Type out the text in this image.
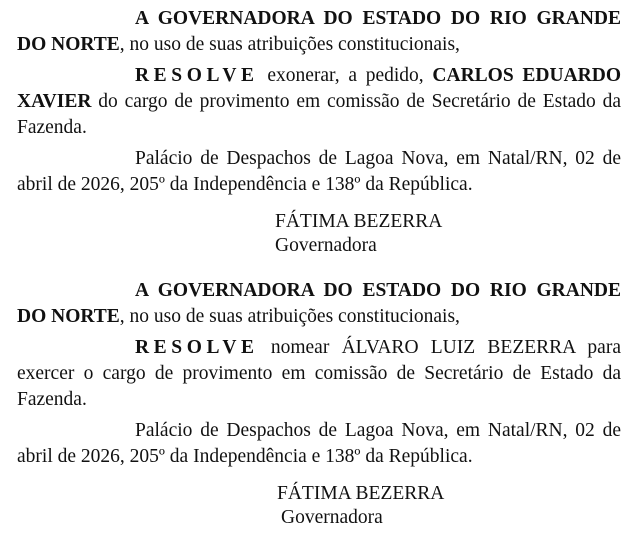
A GOVERNADORA DO ESTADO DO RIO GRANDE DO NORTE, no uso de suas atribuições constitucionais,

RESOLVE exonerar, a pedido, CARLOS EDUARDO XAVIER do cargo de provimento em comissão de Secretário de Estado da Fazenda.

Palácio de Despachos de Lagoa Nova, em Natal/RN, 02 de abril de 2026, 205º da Independência e 138º da República.

FÁTIMA BEZERRA
Governadora

A GOVERNADORA DO ESTADO DO RIO GRANDE DO NORTE, no uso de suas atribuições constitucionais,

RESOLVE nomear ÁLVARO LUIZ BEZERRA para exercer o cargo de provimento em comissão de Secretário de Estado da Fazenda.

Palácio de Despachos de Lagoa Nova, em Natal/RN, 02 de abril de 2026, 205º da Independência e 138º da República.

FÁTIMA BEZERRA
Governadora
